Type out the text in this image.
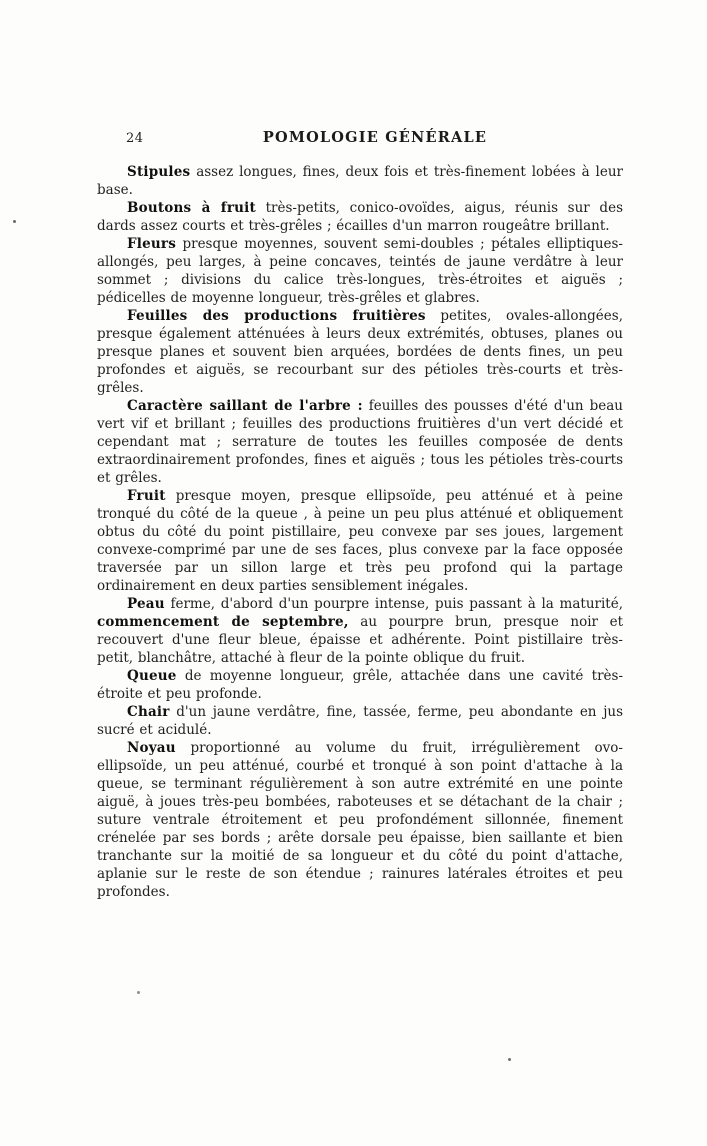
24	POMOLOGIE GÉNÉRALE

Stipules assez longues, fines, deux fois et très-finement lobées à leur base.

Boutons à fruit très-petits, conico-ovoïdes, aigus, réunis sur des dards assez courts et très-grêles ; écailles d'un marron rougeâtre brillant.

Fleurs presque moyennes, souvent semi-doubles ; pétales elliptiques-allongés, peu larges, à peine concaves, teintés de jaune verdâtre à leur sommet ; divisions du calice très-longues, très-étroites et aiguës ; pédicelles de moyenne longueur, très-grêles et glabres.

Feuilles des productions fruitières petites, ovales-allongées, presque également atténuées à leurs deux extrémités, obtuses, planes ou presque planes et souvent bien arquées, bordées de dents fines, un peu profondes et aiguës, se recourbant sur des pétioles très-courts et très-grêles.

Caractère saillant de l'arbre : feuilles des pousses d'été d'un beau vert vif et brillant ; feuilles des productions fruitières d'un vert décidé et cependant mat ; serrature de toutes les feuilles composée de dents extraordinairement profondes, fines et aiguës ; tous les pétioles très-courts et grêles.

Fruit presque moyen, presque ellipsoïde, peu atténué et à peine tronqué du côté de la queue , à peine un peu plus atténué et obliquement obtus du côté du point pistillaire, peu convexe par ses joues, largement convexe-comprimé par une de ses faces, plus convexe par la face opposée traversée par un sillon large et très peu profond qui la partage ordinairement en deux parties sensiblement inégales.

Peau ferme, d'abord d'un pourpre intense, puis passant à la maturité, commencement de septembre, au pourpre brun, presque noir et recouvert d'une fleur bleue, épaisse et adhérente. Point pistillaire très-petit, blanchâtre, attaché à fleur de la pointe oblique du fruit.

Queue de moyenne longueur, grêle, attachée dans une cavité très-étroite et peu profonde.

Chair d'un jaune verdâtre, fine, tassée, ferme, peu abondante en jus sucré et acidulé.

Noyau proportionné au volume du fruit, irrégulièrement ovo-ellipsoïde, un peu atténué, courbé et tronqué à son point d'attache à la queue, se terminant régulièrement à son autre extrémité en une pointe aiguë, à joues très-peu bombées, raboteuses et se détachant de la chair ; suture ventrale étroitement et peu profondément sillonnée, finement crénelée par ses bords ; arête dorsale peu épaisse, bien saillante et bien tranchante sur la moitié de sa longueur et du côté du point d'attache, aplanie sur le reste de son étendue ; rainures latérales étroites et peu profondes.
